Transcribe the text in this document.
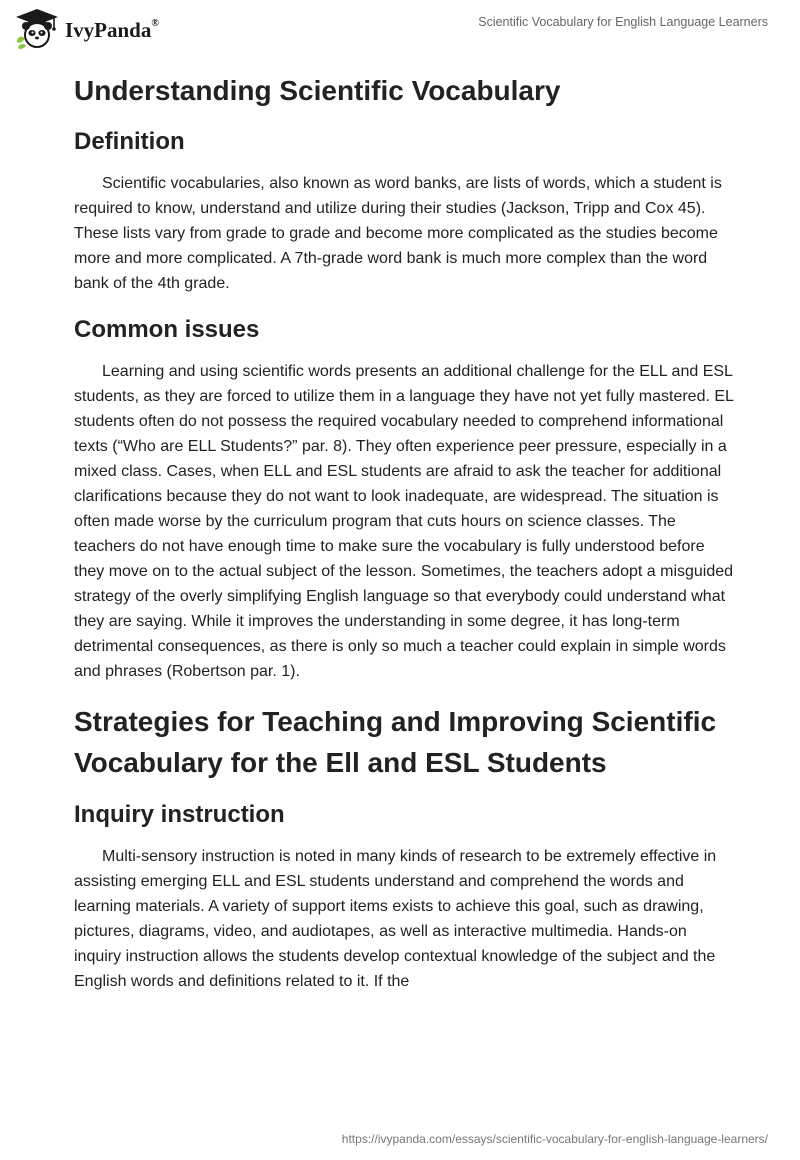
IvyPanda®	Scientific Vocabulary for English Language Learners
Understanding Scientific Vocabulary
Definition

Scientific vocabularies, also known as word banks, are lists of words, which a student is required to know, understand and utilize during their studies (Jackson, Tripp and Cox 45). These lists vary from grade to grade and become more complicated as the studies become more and more complicated. A 7th-grade word bank is much more complex than the word bank of the 4th grade.

Common issues

Learning and using scientific words presents an additional challenge for the ELL and ESL students, as they are forced to utilize them in a language they have not yet fully mastered. EL students often do not possess the required vocabulary needed to comprehend informational texts (“Who are ELL Students?” par. 8). They often experience peer pressure, especially in a mixed class. Cases, when ELL and ESL students are afraid to ask the teacher for additional clarifications because they do not want to look inadequate, are widespread. The situation is often made worse by the curriculum program that cuts hours on science classes. The teachers do not have enough time to make sure the vocabulary is fully understood before they move on to the actual subject of the lesson. Sometimes, the teachers adopt a misguided strategy of the overly simplifying English language so that everybody could understand what they are saying. While it improves the understanding in some degree, it has long-term detrimental consequences, as there is only so much a teacher could explain in simple words and phrases (Robertson par. 1).

Strategies for Teaching and Improving Scientific Vocabulary for the Ell and ESL Students
Inquiry instruction

Multi-sensory instruction is noted in many kinds of research to be extremely effective in assisting emerging ELL and ESL students understand and comprehend the words and learning materials. A variety of support items exists to achieve this goal, such as drawing, pictures, diagrams, video, and audiotapes, as well as interactive multimedia. Hands-on inquiry instruction allows the students develop contextual knowledge of the subject and the English words and definitions related to it. If the

https://ivypanda.com/essays/scientific-vocabulary-for-english-language-learners/
